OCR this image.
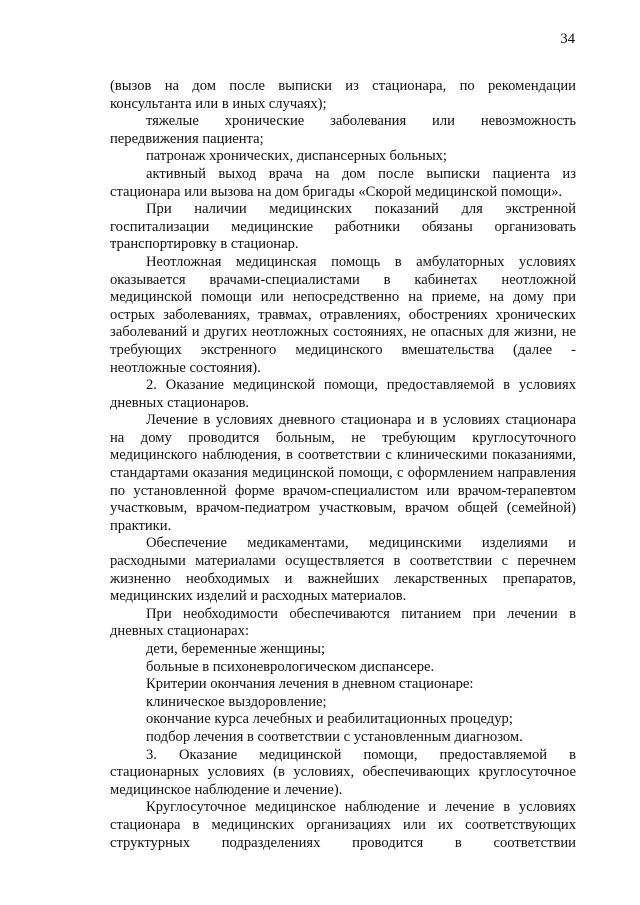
34

(вызов на дом после выписки из стационара, по рекомендации консультанта или в иных случаях);

тяжелые хронические заболевания или невозможность передвижения пациента;

патронаж хронических, диспансерных больных;

активный выход врача на дом после выписки пациента из стационара или вызова на дом бригады «Скорой медицинской помощи».

При наличии медицинских показаний для экстренной госпитализации медицинские работники обязаны организовать транспортировку в стационар.

Неотложная медицинская помощь в амбулаторных условиях оказывается врачами-специалистами в кабинетах неотложной медицинской помощи или непосредственно на приеме, на дому при острых заболеваниях, травмах, отравлениях, обострениях хронических заболеваний и других неотложных состояниях, не опасных для жизни, не требующих экстренного медицинского вмешательства (далее - неотложные состояния).

2. Оказание медицинской помощи, предоставляемой в условиях дневных стационаров.

Лечение в условиях дневного стационара и в условиях стационара на дому проводится больным, не требующим круглосуточного медицинского наблюдения, в соответствии с клиническими показаниями, стандартами оказания медицинской помощи, с оформлением направления по установленной форме врачом-специалистом или врачом-терапевтом участковым, врачом-педиатром участковым, врачом общей (семейной) практики.

Обеспечение медикаментами, медицинскими изделиями и расходными материалами осуществляется в соответствии с перечнем жизненно необходимых и важнейших лекарственных препаратов, медицинских изделий и расходных материалов.

При необходимости обеспечиваются питанием при лечении в дневных стационарах:

дети, беременные женщины;

больные в психоневрологическом диспансере.

Критерии окончания лечения в дневном стационаре:

клиническое выздоровление;

окончание курса лечебных и реабилитационных процедур;

подбор лечения в соответствии с установленным диагнозом.

3. Оказание медицинской помощи, предоставляемой в стационарных условиях (в условиях, обеспечивающих круглосуточное медицинское наблюдение и лечение).

Круглосуточное медицинское наблюдение и лечение в условиях стационара в медицинских организациях или их соответствующих структурных подразделениях проводится в соответствии
